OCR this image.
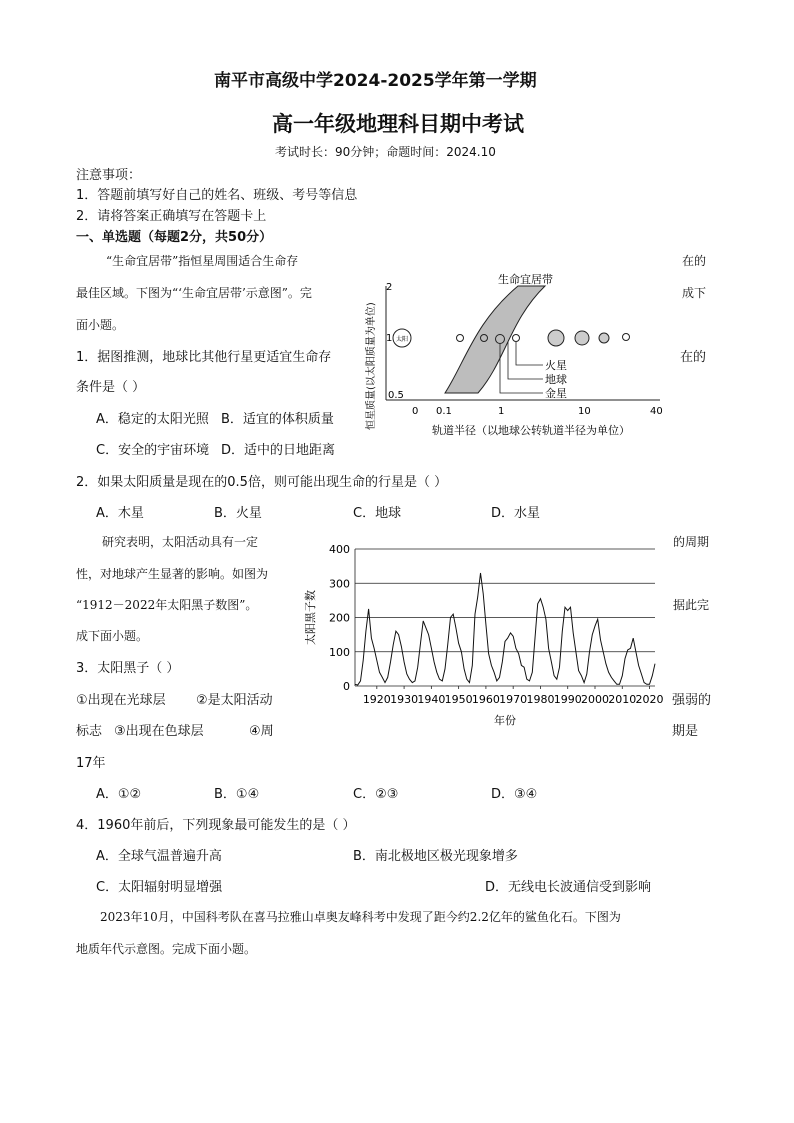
南平市高级中学2024-2025学年第一学期
高一年级地理科目期中考试
考试时长：90分钟；命题时间：2024.10
注意事项：
1．答题前填写好自己的姓名、班级、考号等信息
2．请将答案正确填写在答题卡上
一、单选题（每题2分，共50分）
“生命宜居带”指恒星周围适合生命存	在的
最佳区域。下图为“‘生命宜居带’示意图”。完	成下
面小题。
生命宜居带
恒星质量(以太阳质量为单位)
2
1
0.5
太阳
火星
地球
金星
0 0.1	1	10	40
轨道半径（以地球公转轨道半径为单位）
1．据图推测，地球比其他行星更适宜生命存	在的
条件是（ ）
A．稳定的太阳光照 B．适宜的体积质量
C．安全的宇宙环境 D．适中的日地距离
2．如果太阳质量是现在的0.5倍，则可能出现生命的行星是（ ）
A．木星	B．火星	C．地球	D．水星
研究表明，太阳活动具有一定	的周期
性，对地球产生显著的影响。如图为
“1912－2022年太阳黑子数图”。	据此完
成下面小题。
0
100
200
300
400
1920 1930 1940 1950 1960 1970 1980 1990 2000 2010 2020
太阳黑子数
年份
3．太阳黑子（ ）
①出现在光球层 ②是太阳活动	强弱的
标志 ③出现在色球层	④周	期是
17年
A．①②	B．①④	C．②③	D．③④
4．1960年前后，下列现象最可能发生的是（ ）
A．全球气温普遍升高	B．南北极地区极光现象增多
C．太阳辐射明显增强	D．无线电长波通信受到影响
2023年10月，中国科考队在喜马拉雅山卓奥友峰科考中发现了距今约2.2亿年的鲨鱼化石。下图为
地质年代示意图。完成下面小题。
